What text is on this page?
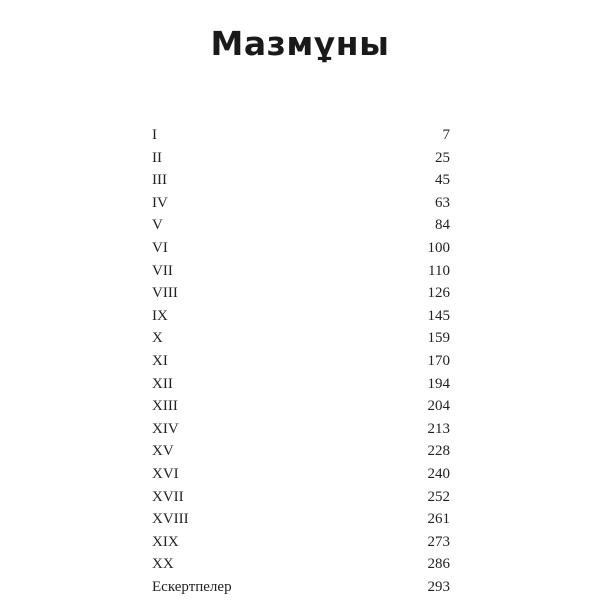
Мазмұны
I	7
II	25
III	45
IV	63
V	84
VI	100
VII	110
VIII	126
IX	145
X	159
XI	170
XII	194
XIII	204
XIV	213
XV	228
XVI	240
XVII	252
XVIII	261
XIX	273
XX	286
Ескертпелер	293
